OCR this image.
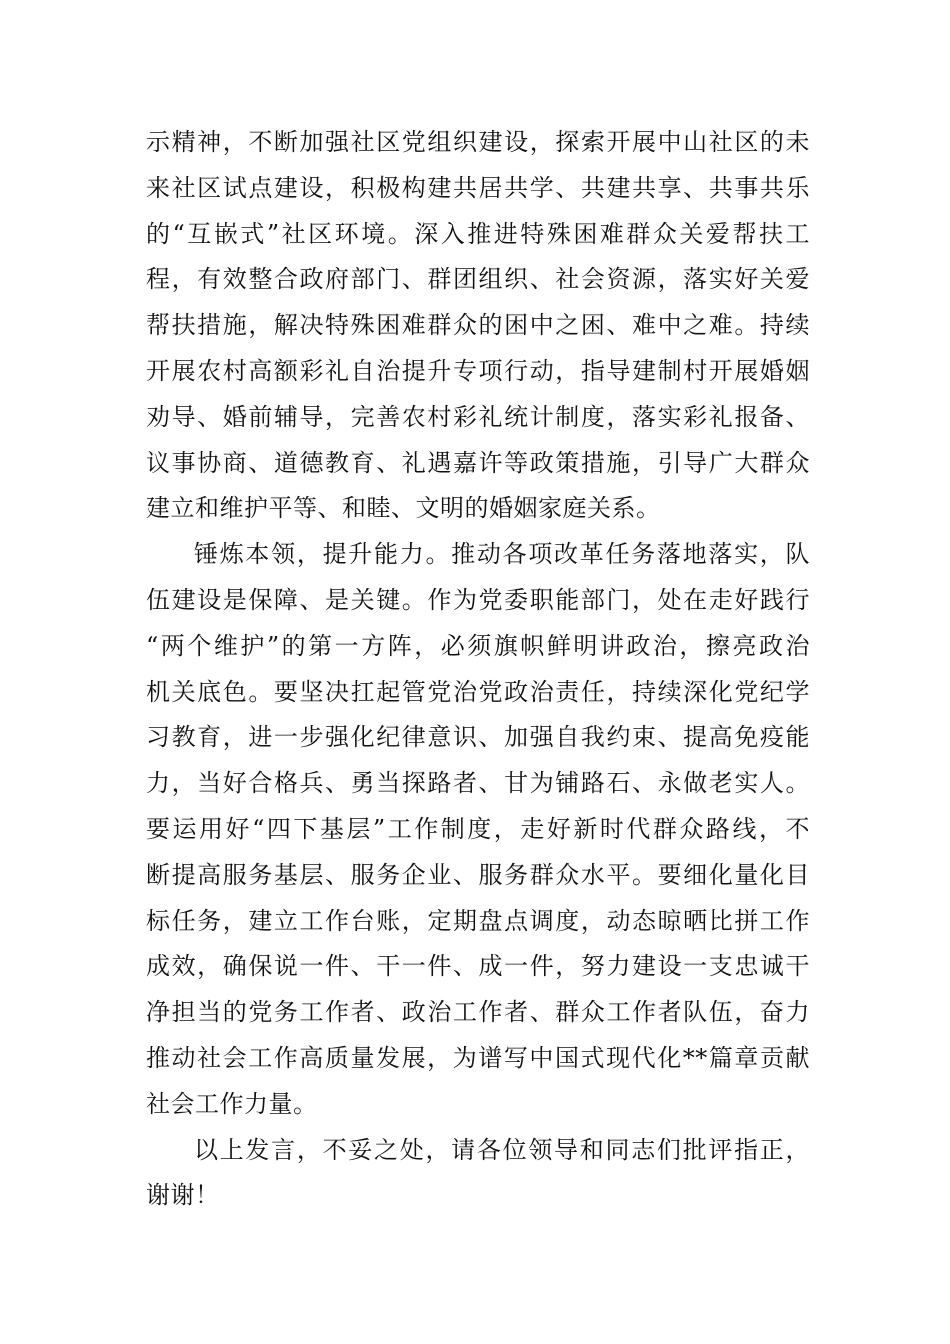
示精神，不断加强社区党组织建设，探索开展中山社区的未
来社区试点建设，积极构建共居共学、共建共享、共事共乐
的“互嵌式”社区环境。深入推进特殊困难群众关爱帮扶工
程，有效整合政府部门、群团组织、社会资源，落实好关爱
帮扶措施，解决特殊困难群众的困中之困、难中之难。持续
开展农村高额彩礼自治提升专项行动，指导建制村开展婚姻
劝导、婚前辅导，完善农村彩礼统计制度，落实彩礼报备、
议事协商、道德教育、礼遇嘉许等政策措施，引导广大群众
建立和维护平等、和睦、文明的婚姻家庭关系。

锤炼本领，提升能力。推动各项改革任务落地落实，队
伍建设是保障、是关键。作为党委职能部门，处在走好践行
“两个维护”的第一方阵，必须旗帜鲜明讲政治，擦亮政治
机关底色。要坚决扛起管党治党政治责任，持续深化党纪学
习教育，进一步强化纪律意识、加强自我约束、提高免疫能
力，当好合格兵、勇当探路者、甘为铺路石、永做老实人。
要运用好“四下基层”工作制度，走好新时代群众路线，不
断提高服务基层、服务企业、服务群众水平。要细化量化目
标任务，建立工作台账，定期盘点调度，动态晾晒比拼工作
成效，确保说一件、干一件、成一件，努力建设一支忠诚干
净担当的党务工作者、政治工作者、群众工作者队伍，奋力
推动社会工作高质量发展，为谱写中国式现代化**篇章贡献
社会工作力量。

以上发言，不妥之处，请各位领导和同志们批评指正，
谢谢！
